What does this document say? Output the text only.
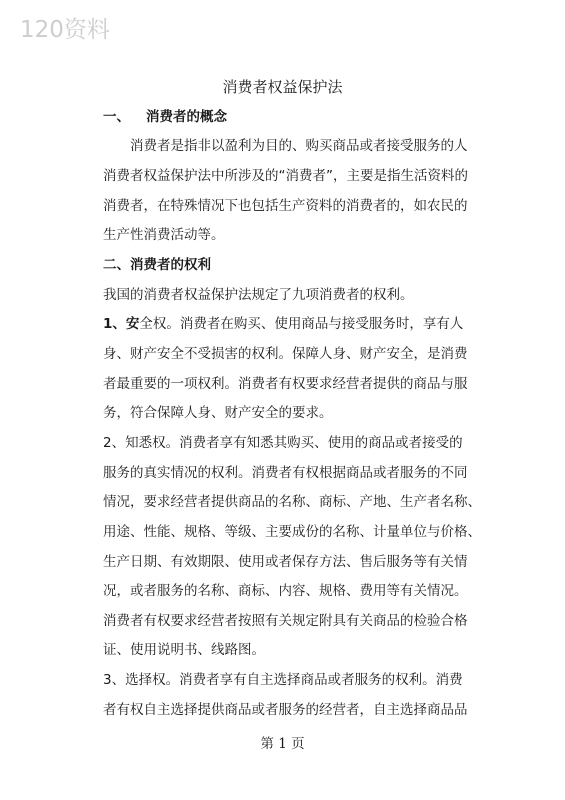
120资料
消费者权益保护法
一、 消费者的概念
消费者是指非以盈利为目的、购买商品或者接受服务的人
消费者权益保护法中所涉及的“消费者”，主要是指生活资料的
消费者，在特殊情况下也包括生产资料的消费者的，如农民的
生产性消费活动等。
二、消费者的权利
我国的消费者权益保护法规定了九项消费者的权利。
1、安全权。消费者在购买、使用商品与接受服务时，享有人
身、财产安全不受损害的权利。保障人身、财产安全，是消费
者最重要的一项权利。消费者有权要求经营者提供的商品与服
务，符合保障人身、财产安全的要求。
2、知悉权。消费者享有知悉其购买、使用的商品或者接受的
服务的真实情况的权利。消费者有权根据商品或者服务的不同
情况，要求经营者提供商品的名称、商标、产地、生产者名称、
用途、性能、规格、等级、主要成份的名称、计量单位与价格、
生产日期、有效期限、使用或者保存方法、售后服务等有关情
况，或者服务的名称、商标、内容、规格、费用等有关情况。
消费者有权要求经营者按照有关规定附具有关商品的检验合格
证、使用说明书、线路图。
3、选择权。消费者享有自主选择商品或者服务的权利。消费
者有权自主选择提供商品或者服务的经营者，自主选择商品品
第 1 页
